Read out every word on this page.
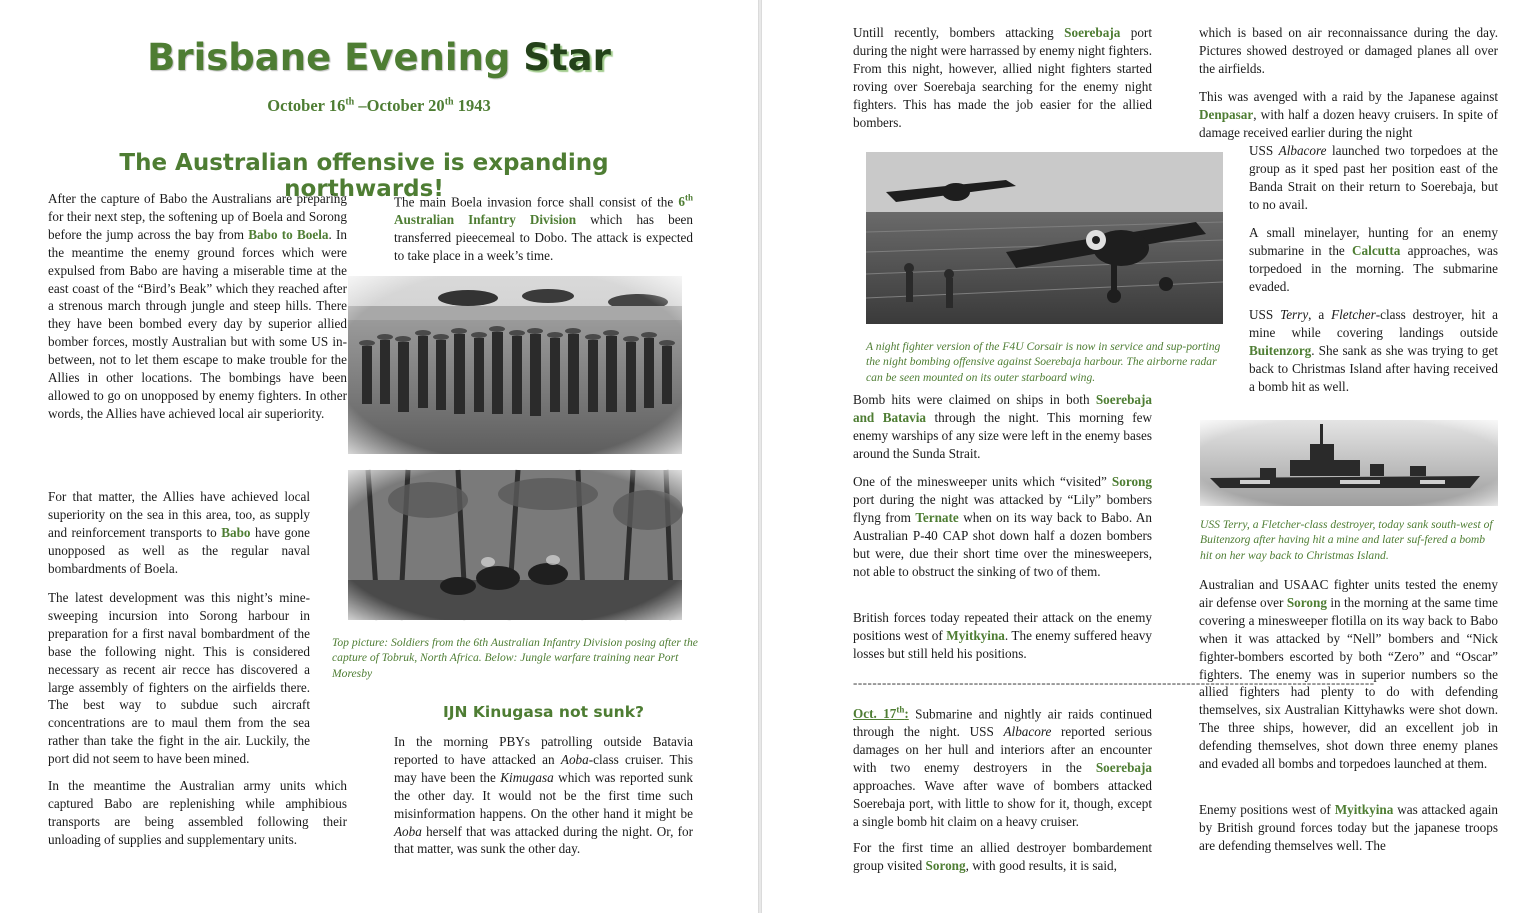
Brisbane Evening Star
October 16th –October 20th 1943
The Australian offensive is expanding northwards!

After the capture of Babo the Australians are preparing for their next step, the softening up of Boela and Sorong before the jump across the bay from Babo to Boela. In the meantime the enemy ground forces which were expulsed from Babo are having a miserable time at the east coast of the “Bird’s Beak” which they reached after a strenous march through jungle and steep hills. There they have been bombed every day by superior allied bomber forces, mostly Australian but with some US in-between, not to let them escape to make trouble for the Allies in other locations. The bombings have been allowed to go on unopposed by enemy fighters. In other words, the Allies have achieved local air superiority.

For that matter, the Allies have achieved local superiority on the sea in this area, too, as supply and reinforcement transports to Babo have gone unopposed as well as the regular naval bombardments of Boela.

The latest development was this night’s mine-sweeping incursion into Sorong harbour in preparation for a first naval bombardment of the base the following night. This is considered necessary as recent air recce has discovered a large assembly of fighters on the airfields there. The best way to subdue such aircraft concentrations are to maul them from the sea rather than take the fight in the air. Luckily, the port did not seem to have been mined.

In the meantime the Australian army units which captured Babo are replenishing while amphibious transports are being assembled following their unloading of supplies and supplementary units.

The main Boela invasion force shall consist of the 6th Australian Infantry Division which has been transferred pieecemeal to Dobo. The attack is expected to take place in a week’s time.

Top picture: Soldiers from the 6th Australian Infantry Division posing after the capture of Tobruk, North Africa. Below: Jungle warfare training near Port Moresby

IJN Kinugasa not sunk?

In the morning PBYs patrolling outside Batavia reported to have attacked an Aoba-class cruiser. This may have been the Kimugasa which was reported sunk the other day. It would not be the first time such misinformation happens. On the other hand it might be Aoba herself that was attacked during the night. Or, for that matter, was sunk the other day.

Untill recently, bombers attacking Soerebaja port during the night were harrassed by enemy night fighters. From this night, however, allied night fighters started roving over Soerebaja searching for the enemy night fighters. This has made the job easier for the allied bombers.

A night fighter version of the F4U Corsair is now in service and sup-porting the night bombing offensive against Soerebaja harbour. The airborne radar can be seen mounted on its outer starboard wing.

Bomb hits were claimed on ships in both Soerebaja and Batavia through the night. This morning few enemy warships of any size were left in the enemy bases around the Sunda Strait.

One of the minesweeper units which “visited” Sorong port during the night was attacked by “Lily” bombers flyng from Ternate when on its way back to Babo. An Australian P-40 CAP shot down half a dozen bombers but were, due their short time over the minesweepers, not able to obstruct the sinking of two of them.

British forces today repeated their attack on the enemy positions west of Myitkyina. The enemy suffered heavy losses but still held his positions.

------------------------------------------------------------------------------------------------------------

Oct. 17th: Submarine and nightly air raids continued through the night. USS Albacore reported serious damages on her hull and interiors after an encounter with two enemy destroyers in the Soerebaja approaches. Wave after wave of bombers attacked Soerebaja port, with little to show for it, though, except a single bomb hit claim on a heavy cruiser.

For the first time an allied destroyer bombardement group visited Sorong, with good results, it is said,

which is based on air reconnaissance during the day. Pictures showed destroyed or damaged planes all over the airfields.

This was avenged with a raid by the Japanese against Denpasar, with half a dozen heavy cruisers. In spite of damage received earlier during the night

USS Albacore launched two torpedoes at the group as it sped past her position east of the Banda Strait on their return to Soerebaja, but to no avail.

A small minelayer, hunting for an enemy submarine in the Calcutta approaches, was torpedoed in the morning. The submarine evaded.

USS Terry, a Fletcher-class destroyer, hit a mine while covering landings outside Buitenzorg. She sank as she was trying to get back to Christmas Island after having received a bomb hit as well.

USS Terry, a Fletcher-class destroyer, today sank south-west of Buitenzorg after having hit a mine and later suf-fered a bomb hit on her way back to Christmas Island.

Australian and USAAC fighter units tested the enemy air defense over Sorong in the morning at the same time covering a minesweeper flotilla on its way back to Babo when it was attacked by “Nell” bombers and “Nick fighter-bombers escorted by both “Zero” and “Oscar” fighters. The enemy was in superior numbers so the allied fighters had plenty to do with defending themselves, six Australian Kittyhawks were shot down. The three ships, however, did an excellent job in defending themselves, shot down three enemy planes and evaded all bombs and torpedoes launched at them.

Enemy positions west of Myitkyina was attacked again by British ground forces today but the japanese troops are defending themselves well. The
